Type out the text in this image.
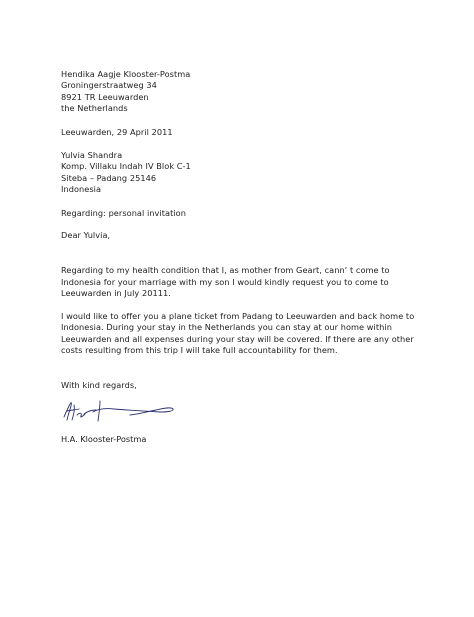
Hendika Aagje Klooster-Postma
Groningerstraatweg 34
8921 TR Leeuwarden
the Netherlands
Leeuwarden, 29 April 2011
Yulvia Shandra
Komp. Villaku Indah IV Blok C-1
Siteba – Padang 25146
Indonesia
Regarding: personal invitation
Dear Yulvia,
Regarding to my health condition that I, as mother from Geart, cann’ t come to
Indonesia for your marriage with my son I would kindly request you to come to
Leeuwarden in July 20111.
I would like to offer you a plane ticket from Padang to Leeuwarden and back home to
Indonesia. During your stay in the Netherlands you can stay at our home within
Leeuwarden and all expenses during your stay will be covered. If there are any other
costs resulting from this trip I will take full accountability for them.
With kind regards,
H.A. Klooster-Postma
